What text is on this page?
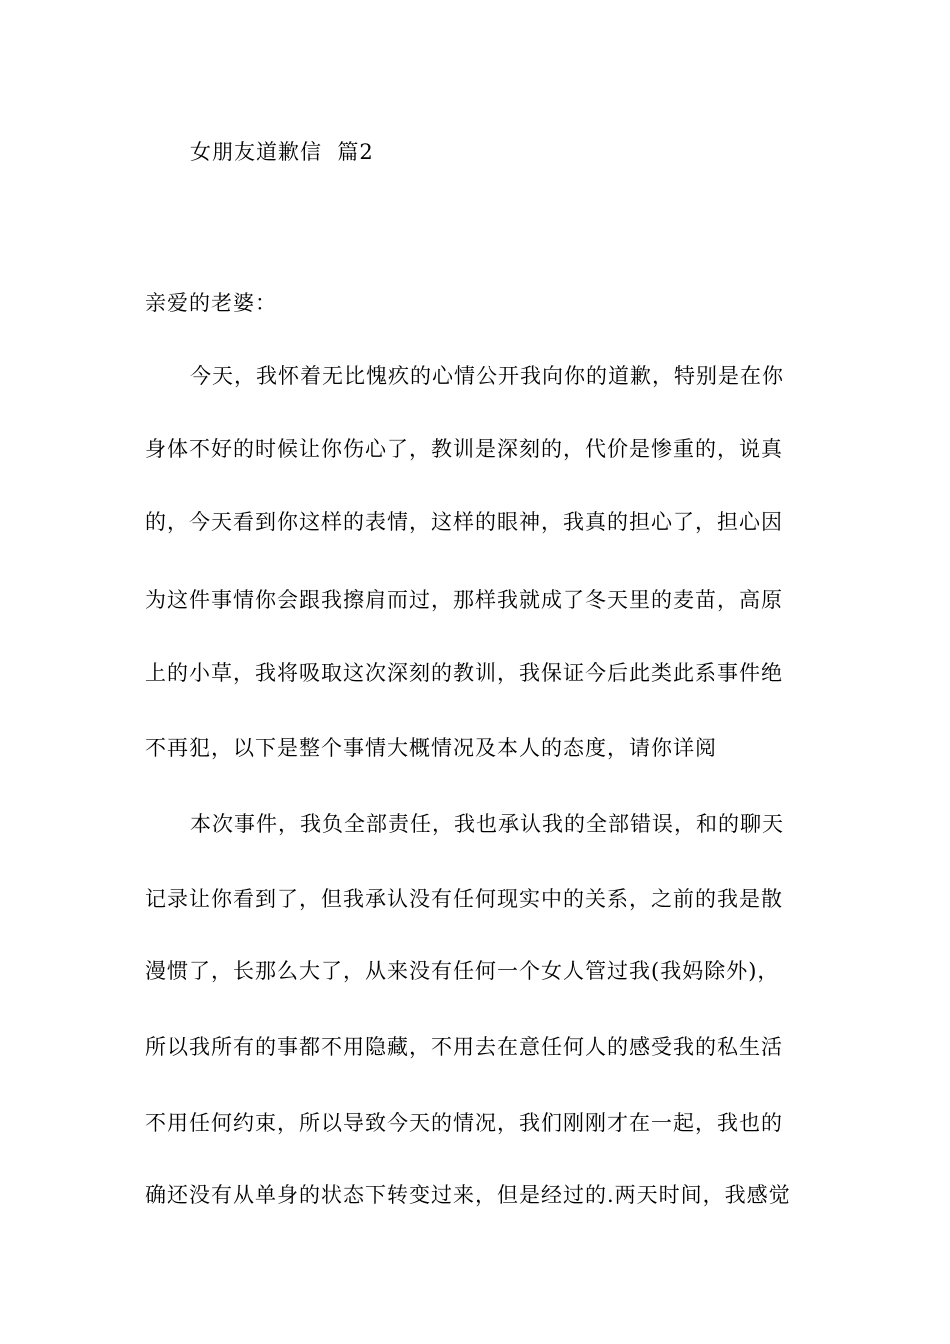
女朋友道歉信  篇2
亲爱的老婆：
今天，我怀着无比愧疚的心情公开我向你的道歉，特别是在你
身体不好的时候让你伤心了，教训是深刻的，代价是惨重的，说真
的，今天看到你这样的表情，这样的眼神，我真的担心了，担心因
为这件事情你会跟我擦肩而过，那样我就成了冬天里的麦苗，高原
上的小草，我将吸取这次深刻的教训，我保证今后此类此系事件绝
不再犯，以下是整个事情大概情况及本人的态度，请你详阅
本次事件，我负全部责任，我也承认我的全部错误，和的聊天
记录让你看到了，但我承认没有任何现实中的关系，之前的我是散
漫惯了，长那么大了，从来没有任何一个女人管过我(我妈除外)，
所以我所有的事都不用隐藏，不用去在意任何人的感受我的私生活
不用任何约束，所以导致今天的情况，我们刚刚才在一起，我也的
确还没有从单身的状态下转变过来，但是经过的.两天时间，我感觉
